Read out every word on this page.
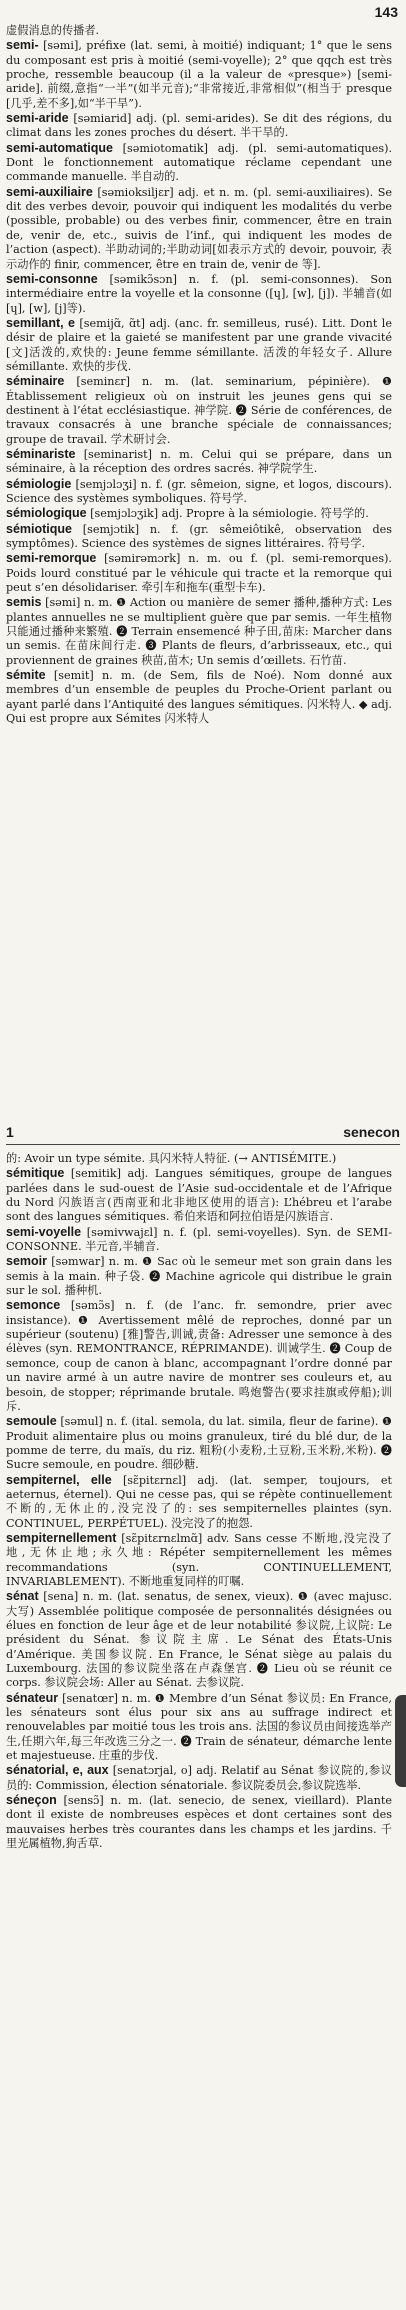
143

虚假消息的传播者.

semi- [səmi], préfixe (lat. semi, à moitié) indiquant; 1° que le sens du composant est pris à moitié (semi-voyelle); 2° que qqch est très proche, ressemble beaucoup (il a la valeur de «presque») [semi-aride]. 前缀,意指“一半”(如半元音);“非常接近,非常相似”(相当于 presque [几乎,差不多],如“半干旱”).

semi-aride [səmiarid] adj. (pl. semi-arides). Se dit des régions, du climat dans les zones proches du désert. 半干旱的.

semi-automatique [səmiotomatik] adj. (pl. semi-automatiques). Dont le fonctionnement automatique réclame cependant une commande manuelle. 半自动的.

semi-auxiliaire [səmioksiljɛr] adj. et n. m. (pl. semi-auxiliaires). Se dit des verbes devoir, pouvoir qui indiquent les modalités du verbe (possible, probable) ou des verbes finir, commencer, être en train de, venir de, etc., suivis de l’inf., qui indiquent les modes de l’action (aspect). 半助动词的;半助动词[如表示方式的 devoir, pouvoir, 表示动作的 finir, commencer, être en train de, venir de 等].

semi-consonne [səmikɔ̃sɔn] n. f. (pl. semi-consonnes). Son intermédiaire entre la voyelle et la consonne ([ɥ], [w], [j]). 半辅音(如 [ɥ], [w], [j]等).

semillant, e [semijɑ̃, ɑ̃t] adj. (anc. fr. semilleus, rusé). Litt. Dont le désir de plaire et la gaieté se manifestent par une grande vivacité [文]活泼的,欢快的: Jeune femme sémillante. 活泼的年轻女子. Allure sémillante. 欢快的步伐.

séminaire [seminɛr] n. m. (lat. seminarium, pépinière). ❶ Établissement religieux où on instruit les jeunes gens qui se destinent à l’état ecclésiastique. 神学院. ❷ Série de conférences, de travaux consacrés à une branche spéciale de connaissances; groupe de travail. 学术研讨会.

séminariste [seminarist] n. m. Celui qui se prépare, dans un séminaire, à la réception des ordres sacrés. 神学院学生.

sémiologie [semjɔlɔʒi] n. f. (gr. sêmeion, signe, et logos, discours). Science des systèmes symboliques. 符号学.

sémiologique [semjɔlɔʒik] adj. Propre à la sémiologie. 符号学的.

sémiotique [semjɔtik] n. f. (gr. sêmeiôtikê, observation des symptômes). Science des systèmes de signes littéraires. 符号学.

semi-remorque [səmirəmɔrk] n. m. ou f. (pl. semi-remorques). Poids lourd constitué par le véhicule qui tracte et la remorque qui peut s’en désolidariser. 牵引车和拖车(重型卡车).

semis [səmi] n. m. ❶ Action ou manière de semer 播种,播种方式: Les plantes annuelles ne se multiplient guère que par semis. 一年生植物只能通过播种来繁殖. ❷ Terrain ensemencé 种子田,苗床: Marcher dans un semis. 在苗床间行走. ❸ Plants de fleurs, d’arbrisseaux, etc., qui proviennent de graines 秧苗,苗木; Un semis d’œillets. 石竹苗.

sémite [semit] n. m. (de Sem, fils de Noé). Nom donné aux membres d’un ensemble de peuples du Proche-Orient parlant ou ayant parlé dans l’Antiquité des langues sémitiques. 闪米特人. ◆ adj. Qui est propre aux Sémites 闪米特人

1	senecon

的: Avoir un type sémite. 具闪米特人特征. (→ ANTISÉMITE.)

sémitique [semitik] adj. Langues sémitiques, groupe de langues parlées dans le sud-ouest de l’Asie sud-occidentale et de l’Afrique du Nord 闪族语言(西南亚和北非地区使用的语言): L’hébreu et l’arabe sont des langues sémitiques. 希伯来语和阿拉伯语是闪族语言.

semi-voyelle [səmivwajɛl] n. f. (pl. semi-voyelles). Syn. de SEMI-CONSONNE. 半元音,半辅音.

semoir [səmwar] n. m. ❶ Sac où le semeur met son grain dans les semis à la main. 种子袋. ❷ Machine agricole qui distribue le grain sur le sol. 播种机.

semonce [səmɔ̃s] n. f. (de l’anc. fr. semondre, prier avec insistance). ❶ Avertissement mêlé de reproches, donné par un supérieur (soutenu) [雅]警告,训诫,责备: Adresser une semonce à des élèves (syn. REMONTRANCE, RÉPRIMANDE). 训诫学生. ❷ Coup de semonce, coup de canon à blanc, accompagnant l’ordre donné par un navire armé à un autre navire de montrer ses couleurs et, au besoin, de stopper; réprimande brutale. 鸣炮警告(要求挂旗或停船);训斥.

semoule [səmul] n. f. (ital. semola, du lat. simila, fleur de farine). ❶ Produit alimentaire plus ou moins granuleux, tiré du blé dur, de la pomme de terre, du maïs, du riz. 粗粉(小麦粉,土豆粉,玉米粉,米粉). ❷ Sucre semoule, en poudre. 细砂糖.

sempiternel, elle [sɛ̃pitɛrnɛl] adj. (lat. semper, toujours, et aeternus, éternel). Qui ne cesse pas, qui se répète continuellement 不断的,无休止的,没完没了的: ses sempiternelles plaintes (syn. CONTINUEL, PERPÉTUEL). 没完没了的抱怨.

sempiternellement [sɛ̃pitɛrnɛlmɑ̃] adv. Sans cesse 不断地,没完没了地,无休止地;永久地: Répéter sempiternellement les mêmes recommandations (syn. CONTINUELLEMENT, INVARIABLEMENT). 不断地重复同样的叮嘱.

sénat [sena] n. m. (lat. senatus, de senex, vieux). ❶ (avec majusc. 大写) Assemblée politique composée de personnalités désignées ou élues en fonction de leur âge et de leur notabilité 参议院,上议院: Le président du Sénat. 参议院主席. Le Sénat des États-Unis d’Amérique. 美国参议院. En France, le Sénat siège au palais du Luxembourg. 法国的参议院坐落在卢森堡宫. ❷ Lieu où se réunit ce corps. 参议院会场: Aller au Sénat. 去参议院.

sénateur [senatœr] n. m. ❶ Membre d’un Sénat 参议员: En France, les sénateurs sont élus pour six ans au suffrage indirect et renouvelables par moitié tous les trois ans. 法国的参议员由间接选举产生,任期六年,每三年改选三分之一. ❷ Train de sénateur, démarche lente et majestueuse. 庄重的步伐.

sénatorial, e, aux [senatɔrjal, o] adj. Relatif au Sénat 参议院的,参议员的: Commission, élection sénatoriale. 参议院委员会,参议院选举.

séneçon [sensɔ̃] n. m. (lat. senecio, de senex, vieillard). Plante dont il existe de nombreuses espèces et dont certaines sont des mauvaises herbes très courantes dans les champs et les jardins. 千里光属植物,狗舌草.
